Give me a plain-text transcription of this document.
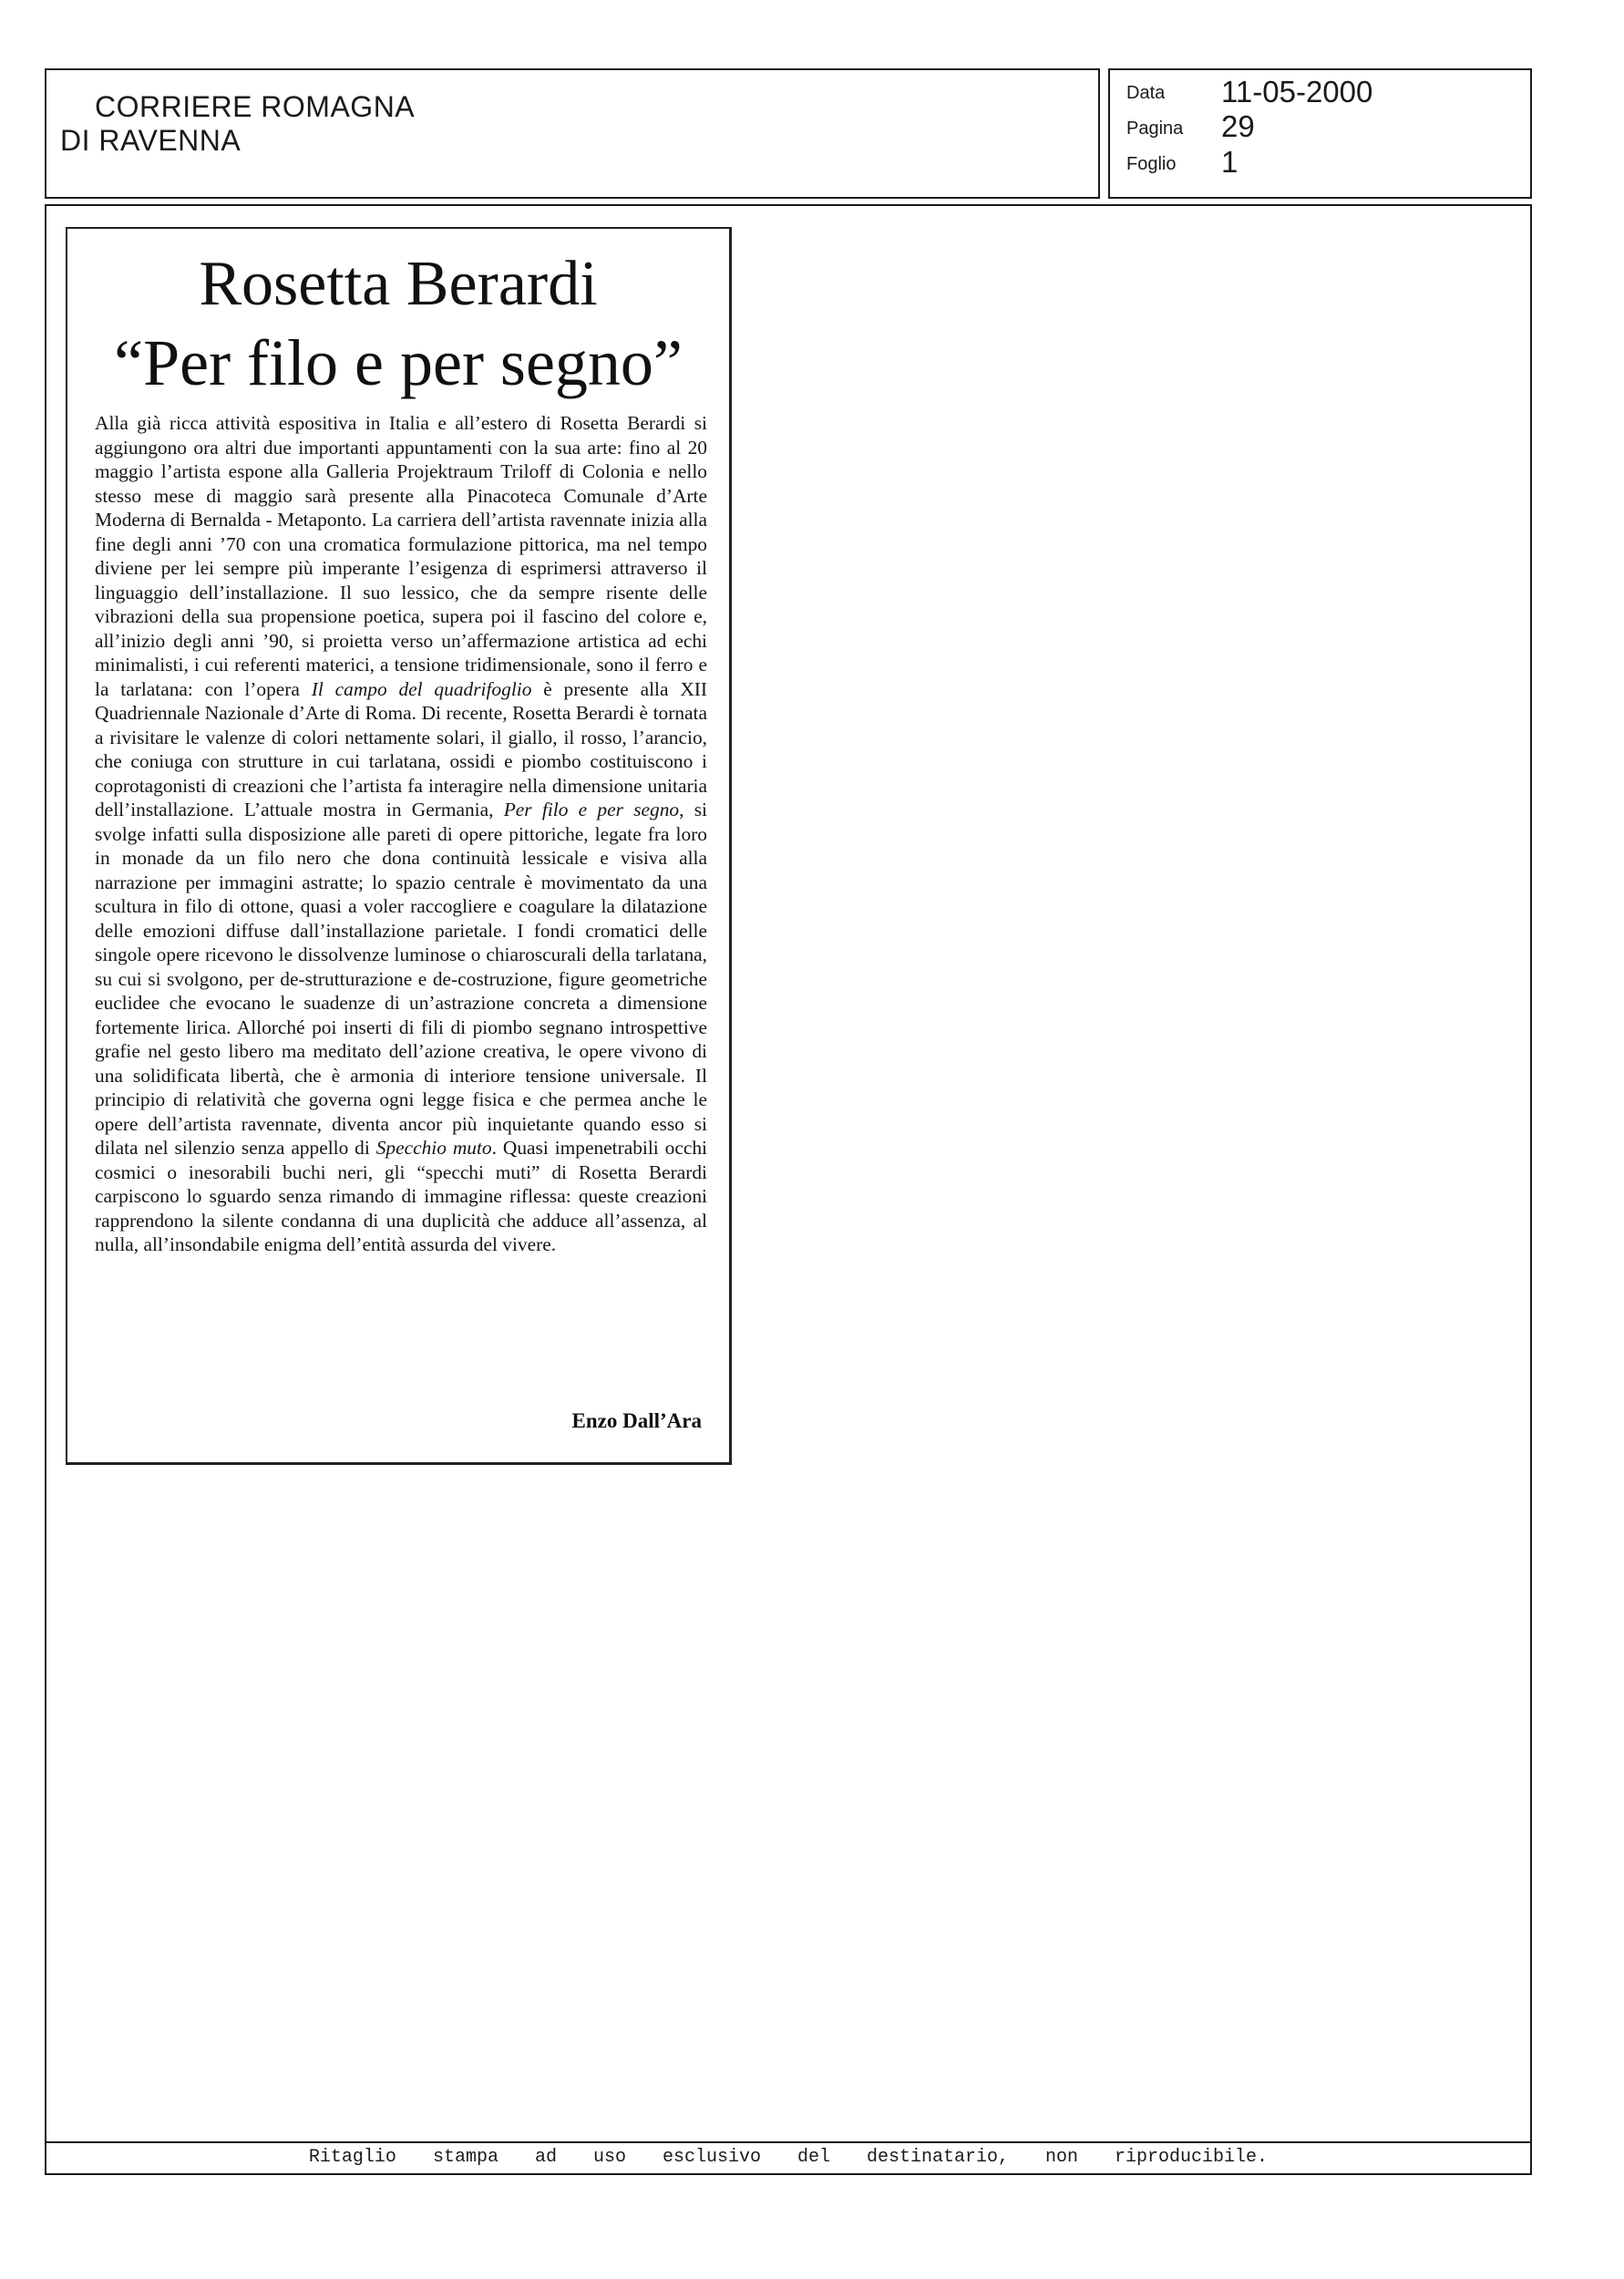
CORRIERE ROMAGNA
DI RAVENNA
Data 11-05-2000
Pagina 29
Foglio 1
Rosetta Berardi
“Per filo e per segno”
Alla già ricca attività espositiva in Italia e all’estero di Rosetta Berardi si aggiungono ora altri due importanti appuntamenti con la sua arte: fino al 20 maggio l’artista espone alla Galleria Projektraum Triloff di Colonia e nello stesso mese di maggio sarà presente alla Pinacoteca Comunale d’Arte Moderna di Bernalda - Metaponto. La carriera dell’artista ravennate inizia alla fine degli anni ’70 con una cromatica formulazione pittorica, ma nel tempo diviene per lei sempre più imperante l’esigenza di esprimersi attraverso il linguaggio dell’installazione. Il suo lessico, che da sempre risente delle vibrazioni della sua propensione poetica, supera poi il fascino del colore e, all’inizio degli anni ’90, si proietta verso un’affermazione artistica ad echi minimalisti, i cui referenti materici, a tensione tridimensionale, sono il ferro e la tarlatana: con l’opera Il campo del quadrifoglio è presente alla XII Quadriennale Nazionale d’Arte di Roma. Di recente, Rosetta Berardi è tornata a rivisitare le valenze di colori nettamente solari, il giallo, il rosso, l’arancio, che coniuga con strutture in cui tarlatana, ossidi e piombo costituiscono i coprotagonisti di creazioni che l’artista fa interagire nella dimensione unitaria dell’installazione. L’attuale mostra in Germania, Per filo e per segno, si svolge infatti sulla disposizione alle pareti di opere pittoriche, legate fra loro in monade da un filo nero che dona continuità lessicale e visiva alla narrazione per immagini astratte; lo spazio centrale è movimentato da una scultura in filo di ottone, quasi a voler raccogliere e coagulare la dilatazione delle emozioni diffuse dall’installazione parietale. I fondi cromatici delle singole opere ricevono le dissolvenze luminose o chiaroscurali della tarlatana, su cui si svolgono, per de-strutturazione e de-costruzione, figure geometriche euclidee che evocano le suadenze di un’astrazione concreta a dimensione fortemente lirica. Allorché poi inserti di fili di piombo segnano introspettive grafie nel gesto libero ma meditato dell’azione creativa, le opere vivono di una solidificata libertà, che è armonia di interiore tensione universale. Il principio di relatività che governa ogni legge fisica e che permea anche le opere dell’artista ravennate, diventa ancor più inquietante quando esso si dilata nel silenzio senza appello di Specchio muto. Quasi impenetrabili occhi cosmici o inesorabili buchi neri, gli “specchi muti” di Rosetta Berardi carpiscono lo sguardo senza rimando di immagine riflessa: queste creazioni rapprendono la silente condanna di una duplicità che adduce all’assenza, al nulla, all’insondabile enigma dell’entità assurda del vivere.
Enzo Dall’Ara
Ritaglio stampa ad uso esclusivo del destinatario, non riproducibile.
